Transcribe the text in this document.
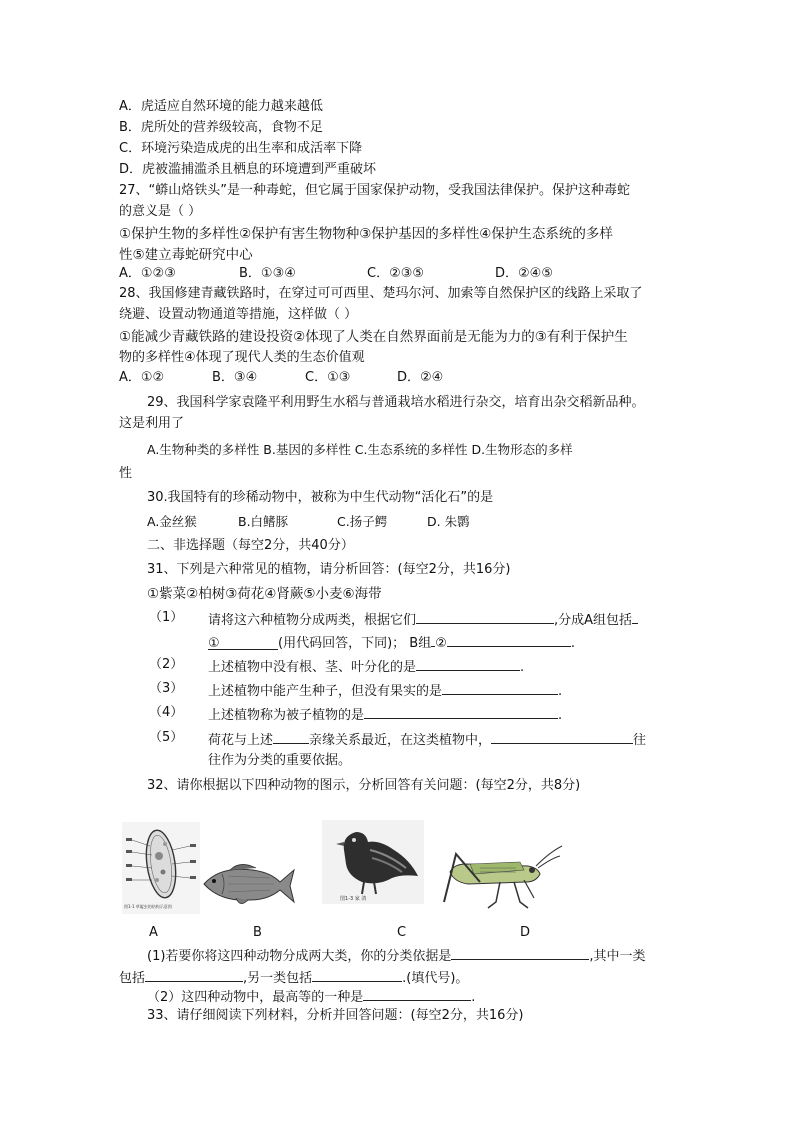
A．虎适应自然环境的能力越来越低
B．虎所处的营养级较高，食物不足
C．环境污染造成虎的出生率和成活率下降
D．虎被滥捕滥杀且栖息的环境遭到严重破坏
27、“蟒山烙铁头”是一种毒蛇，但它属于国家保护动物，受我国法律保护。保护这种毒蛇
的意义是（ ）
①保护生物的多样性②保护有害生物物种③保护基因的多样性④保护生态系统的多样
性⑤建立毒蛇研究中心
A．①②③	B．①③④	C．②③⑤	D．②④⑤
28、我国修建青藏铁路时，在穿过可可西里、楚玛尔河、加索等自然保护区的线路上采取了
绕避、设置动物通道等措施，这样做（ ）
①能减少青藏铁路的建设投资②体现了人类在自然界面前是无能为力的③有利于保护生
物的多样性④体现了现代人类的生态价值观
A．①②	B．③④	C．①③	D．②④
29、我国科学家袁隆平利用野生水稻与普通栽培水稻进行杂交，培育出杂交稻新品种。
这是利用了
A.生物种类的多样性 B.基因的多样性 C.生态系统的多样性 D.生物形态的多样
性
30.我国特有的珍稀动物中，被称为中生代动物“活化石”的是
A.金丝猴	B.白鳍豚	C.扬子鳄	D. 朱鹮
二、非选择题（每空2分，共40分）
31、下列是六种常见的植物，请分析回答：(每空2分，共16分)
①紫菜②柏树③荷花④肾蕨⑤小麦⑥海带
（1） 请将这六种植物分成两类，根据它们	,分成A组包括
①	(用代码回答，下同)； B组 ②	.
（2） 上述植物中没有根、茎、叶分化的是	.
（3） 上述植物中能产生种子，但没有果实的是	.
（4） 上述植物称为被子植物的是	.
（5） 荷花与上述	亲缘关系最近，在这类植物中，	往
往作为分类的重要依据。
32、请你根据以下四种动物的图示，分析回答有关问题：(每空2分，共8分)
图1-1 草履虫的结构示意图
图1-3 家 鸽
A	B	C	D
(1)若要你将这四种动物分成两大类，你的分类依据是	,其中一类
包括	,另一类包括	.(填代号)。
（2）这四种动物中，最高等的一种是	.
33、请仔细阅读下列材料，分析并回答问题：(每空2分，共16分)
